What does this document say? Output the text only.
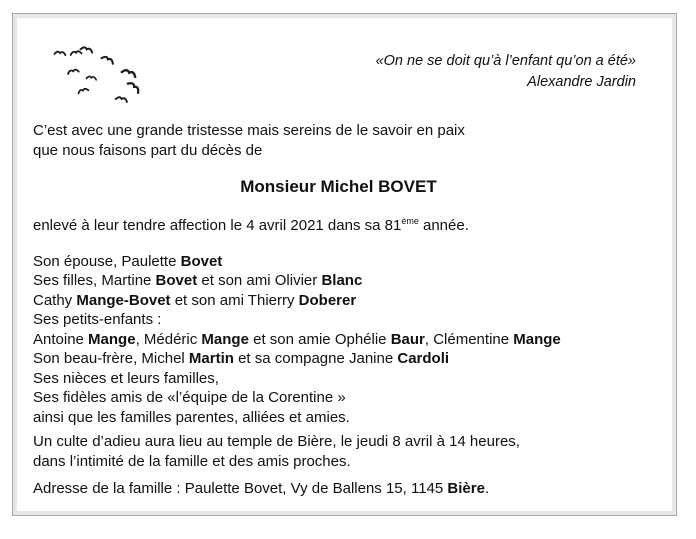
«On ne se doit qu’à l’enfant qu’on a été»
Alexandre Jardin
C’est avec une grande tristesse mais sereins de le savoir en paix
que nous faisons part du décès de
Monsieur Michel BOVET
enlevé à leur tendre affection le 4 avril 2021 dans sa 81ème année.
Son épouse, Paulette Bovet
Ses filles, Martine Bovet et son ami Olivier Blanc
Cathy Mange-Bovet et son ami Thierry Doberer
Ses petits-enfants :
Antoine Mange, Médéric Mange et son amie Ophélie Baur, Clémentine Mange
Son beau-frère, Michel Martin et sa compagne Janine Cardoli
Ses nièces et leurs familles,
Ses fidèles amis de «l’équipe de la Corentine »
ainsi que les familles parentes, alliées et amies.
Un culte d’adieu aura lieu au temple de Bière, le jeudi 8 avril à 14 heures,
dans l’intimité de la famille et des amis proches.
Adresse de la famille : Paulette Bovet, Vy de Ballens 15, 1145 Bière.
